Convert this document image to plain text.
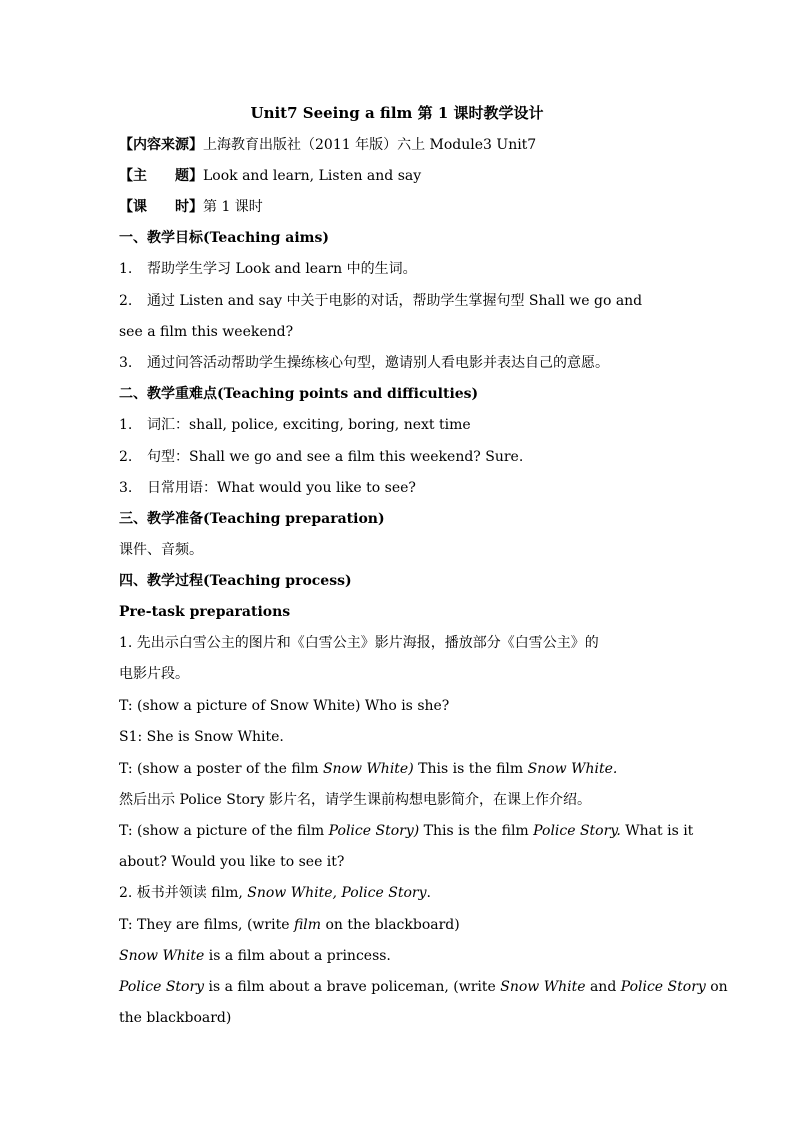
Unit7 Seeing a film 第 1 课时教学设计
【内容来源】上海教育出版社（2011 年版）六上 Module3 Unit7
【主　　题】Look and learn, Listen and say
【课　　时】第 1 课时
一、教学目标(Teaching aims)
1. 帮助学生学习 Look and learn 中的生词。
2. 通过 Listen and say 中关于电影的对话，帮助学生掌握句型 Shall we go and
see a film this weekend?
3. 通过问答活动帮助学生操练核心句型，邀请别人看电影并表达自己的意愿。
二、教学重难点(Teaching points and difficulties)
1. 词汇：shall, police, exciting, boring, next time
2. 句型：Shall we go and see a film this weekend? Sure.
3. 日常用语：What would you like to see?
三、教学准备(Teaching preparation)
课件、音频。
四、教学过程(Teaching process)
Pre-task preparations
1. 先出示白雪公主的图片和《白雪公主》影片海报，播放部分《白雪公主》的
电影片段。
T: (show a picture of Snow White) Who is she?
S1: She is Snow White.
T: (show a poster of the film Snow White) This is the film Snow White.
然后出示 Police Story 影片名，请学生课前构想电影简介，在课上作介绍。
T: (show a picture of the film Police Story) This is the film Police Story. What is it
about? Would you like to see it?
2. 板书并领读 film, Snow White, Police Story.
T: They are films, (write film on the blackboard)
Snow White is a film about a princess.
Police Story is a film about a brave policeman, (write Snow White and Police Story on
the blackboard)
